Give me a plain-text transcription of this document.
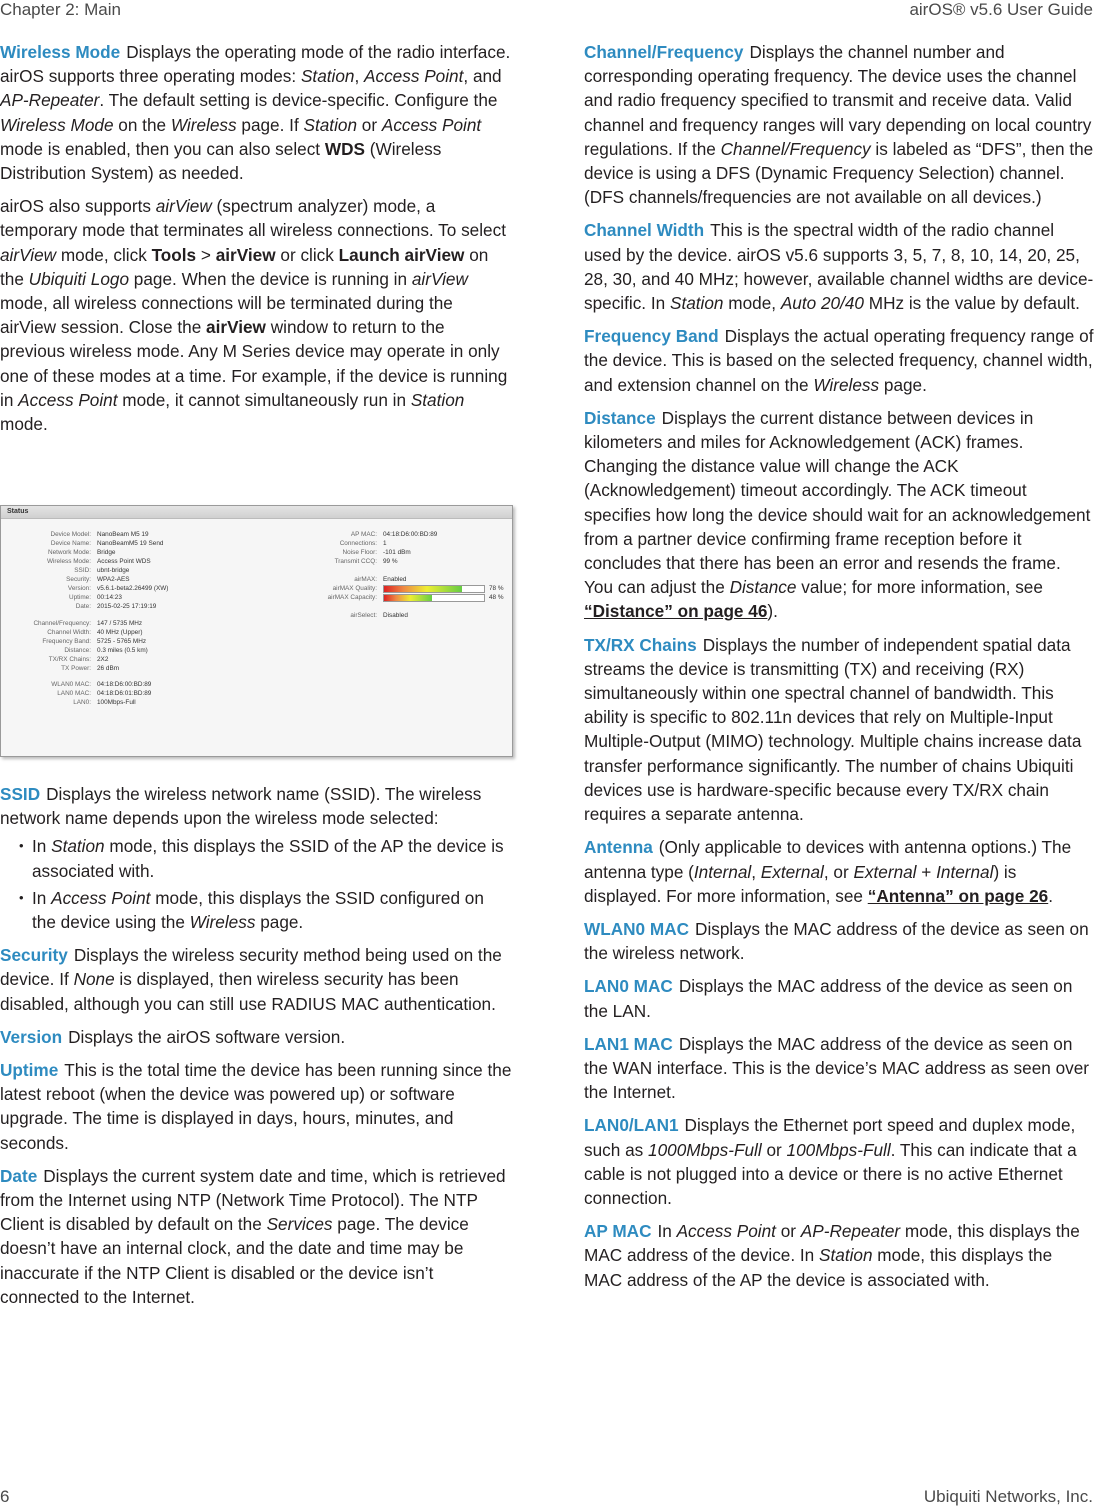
Chapter 2: Main	airOS® v5.6 User Guide

Wireless Mode Displays the operating mode of the radio interface. airOS supports three operating modes: Station, Access Point, and AP-Repeater. The default setting is device-specific. Configure the Wireless Mode on the Wireless page. If Station or Access Point mode is enabled, then you can also select WDS (Wireless Distribution System) as needed.

airOS also supports airView (spectrum analyzer) mode, a temporary mode that terminates all wireless connections. To select airView mode, click Tools > airView or click Launch airView on the Ubiquiti Logo page. When the device is running in airView mode, all wireless connections will be terminated during the airView session. Close the airView window to return to the previous wireless mode. Any M Series device may operate in only one of these modes at a time. For example, if the device is running in Access Point mode, it cannot simultaneously run in Station mode.

Status
Device Model: NanoBeam M5 19
Device Name: NanoBeamM5 19 Send
Network Mode: Bridge
Wireless Mode: Access Point WDS
SSID: ubnt-bridge
Security: WPA2-AES
Version: v5.6.1-beta2.26499 (XW)
Uptime: 00:14:23
Date: 2015-02-25 17:19:19
Channel/Frequency: 147 / 5735 MHz
Channel Width: 40 MHz (Upper)
Frequency Band: 5725 - 5765 MHz
Distance: 0.3 miles (0.5 km)
TX/RX Chains: 2X2
TX Power: 26 dBm
WLAN0 MAC: 04:18:D6:00:BD:89
LAN0 MAC: 04:18:D6:01:BD:89
LAN0: 100Mbps-Full
AP MAC: 04:18:D6:00:BD:89
Connections: 1
Noise Floor: -101 dBm
Transmit CCQ: 99 %
airMAX: Enabled
airMAX Quality:	78 %
airMAX Capacity:	48 %
airSelect: Disabled

SSID Displays the wireless network name (SSID). The wireless network name depends upon the wireless mode selected:

• In Station mode, this displays the SSID of the AP the device is associated with.
• In Access Point mode, this displays the SSID configured on the device using the Wireless page.

Security Displays the wireless security method being used on the device. If None is displayed, then wireless security has been disabled, although you can still use RADIUS MAC authentication.

Version Displays the airOS software version.

Uptime This is the total time the device has been running since the latest reboot (when the device was powered up) or software upgrade. The time is displayed in days, hours, minutes, and seconds.

Date Displays the current system date and time, which is retrieved from the Internet using NTP (Network Time Protocol). The NTP Client is disabled by default on the Services page. The device doesn’t have an internal clock, and the date and time may be inaccurate if the NTP Client is disabled or the device isn’t connected to the Internet.

Channel/Frequency Displays the channel number and corresponding operating frequency. The device uses the channel and radio frequency specified to transmit and receive data. Valid channel and frequency ranges will vary depending on local country regulations. If the Channel/Frequency is labeled as “DFS”, then the device is using a DFS (Dynamic Frequency Selection) channel. (DFS channels/frequencies are not available on all devices.)

Channel Width This is the spectral width of the radio channel used by the device. airOS v5.6 supports 3, 5, 7, 8, 10, 14, 20, 25, 28, 30, and 40 MHz; however, available channel widths are device-specific. In Station mode, Auto 20/40 MHz is the value by default.

Frequency Band Displays the actual operating frequency range of the device. This is based on the selected frequency, channel width, and extension channel on the Wireless page.

Distance Displays the current distance between devices in kilometers and miles for Acknowledgement (ACK) frames. Changing the distance value will change the ACK (Acknowledgement) timeout accordingly. The ACK timeout specifies how long the device should wait for an acknowledgement from a partner device confirming frame reception before it concludes that there has been an error and resends the frame. You can adjust the Distance value; for more information, see “Distance” on page 46).

TX/RX Chains Displays the number of independent spatial data streams the device is transmitting (TX) and receiving (RX) simultaneously within one spectral channel of bandwidth. This ability is specific to 802.11n devices that rely on Multiple-Input Multiple-Output (MIMO) technology. Multiple chains increase data transfer performance significantly. The number of chains Ubiquiti devices use is hardware-specific because every TX/RX chain requires a separate antenna.

Antenna (Only applicable to devices with antenna options.) The antenna type (Internal, External, or External + Internal) is displayed. For more information, see “Antenna” on page 26.

WLAN0 MAC Displays the MAC address of the device as seen on the wireless network.

LAN0 MAC Displays the MAC address of the device as seen on the LAN.

LAN1 MAC Displays the MAC address of the device as seen on the WAN interface. This is the device’s MAC address as seen over the Internet.

LAN0/LAN1 Displays the Ethernet port speed and duplex mode, such as 1000Mbps-Full or 100Mbps-Full. This can indicate that a cable is not plugged into a device or there is no active Ethernet connection.

AP MAC In Access Point or AP-Repeater mode, this displays the MAC address of the device. In Station mode, this displays the MAC address of the AP the device is associated with.

6	Ubiquiti Networks, Inc.
